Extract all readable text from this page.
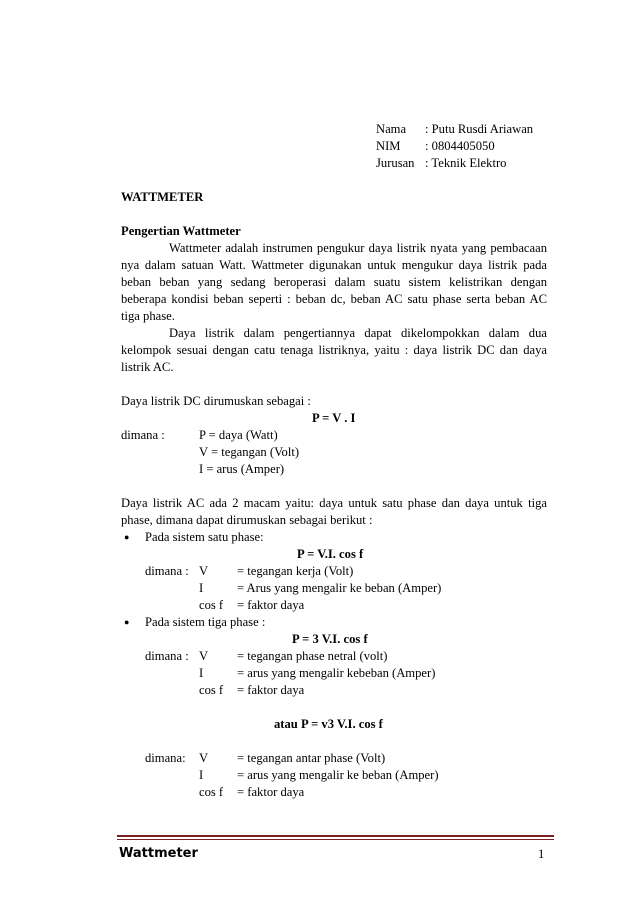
Nama : Putu Rusdi Ariawan
NIM : 0804405050
Jurusan : Teknik Elektro
WATTMETER
Pengertian Wattmeter
Wattmeter adalah instrumen pengukur daya listrik nyata yang pembacaan
nya dalam satuan Watt. Wattmeter digunakan untuk mengukur daya listrik pada
beban beban yang sedang beroperasi dalam suatu sistem kelistrikan dengan
beberapa kondisi beban seperti : beban dc, beban AC satu phase serta beban AC
tiga phase.
Daya listrik dalam pengertiannya dapat dikelompokkan dalam dua
kelompok sesuai dengan catu tenaga listriknya, yaitu : daya listrik DC dan daya
listrik AC.
Daya listrik DC dirumuskan sebagai :
P = V . I
dimana :	P = daya (Watt)
V = tegangan (Volt)
I = arus (Amper)
Daya listrik AC ada 2 macam yaitu: daya untuk satu phase dan daya untuk tiga
phase, dimana dapat dirumuskan sebagai berikut :
● Pada sistem satu phase:
P = V.I. cos f
dimana : V = tegangan kerja (Volt)
I	= Arus yang mengalir ke beban (Amper)
cos f = faktor daya
● Pada sistem tiga phase :
P = 3 V.I. cos f
dimana : V = tegangan phase netral (volt)
I	= arus yang mengalir kebeban (Amper)
cos f = faktor daya
atau P = v3 V.I. cos f
dimana: V = tegangan antar phase (Volt)
I	= arus yang mengalir ke beban (Amper)
cos f = faktor daya
Wattmeter	1
